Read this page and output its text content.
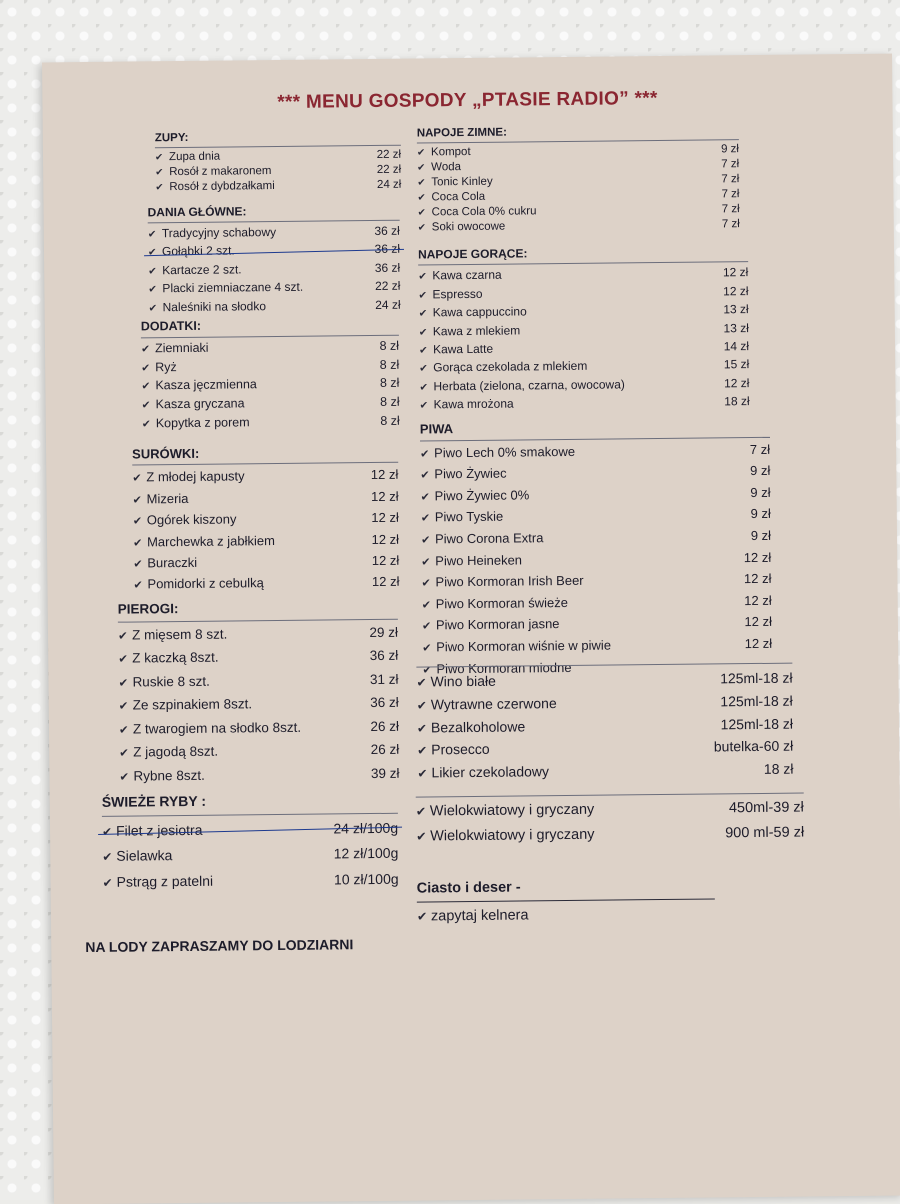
*** MENU GOSPODY „PTASIE RADIO” ***
ZUPY:
✔ Zupa dnia	22 zł
✔ Rosół z makaronem	22 zł
✔ Rosół z dybdzałkami	24 zł
DANIA GŁÓWNE:
✔ Tradycyjny schabowy	36 zł
✔ Gołąbki 2 szt.	36 zł
✔ Kartacze 2 szt.	36 zł
✔ Placki ziemniaczane 4 szt.	22 zł
✔ Naleśniki na słodko	24 zł
DODATKI:
✔ Ziemniaki	8 zł
✔ Ryż	8 zł
✔ Kasza jęczmienna	8 zł
✔ Kasza gryczana	8 zł
✔ Kopytka z porem	8 zł
SURÓWKI:
✔ Z młodej kapusty	12 zł
✔ Mizeria	12 zł
✔ Ogórek kiszony	12 zł
✔ Marchewka z jabłkiem	12 zł
✔ Buraczki	12 zł
✔ Pomidorki z cebulką	12 zł
PIEROGI:
✔ Z mięsem 8 szt.	29 zł
✔ Z kaczką 8szt.	36 zł
✔ Ruskie 8 szt.	31 zł
✔ Ze szpinakiem 8szt.	36 zł
✔ Z twarogiem na słodko 8szt.	26 zł
✔ Z jagodą 8szt.	26 zł
✔ Rybne 8szt.	39 zł
ŚWIEŻE RYBY :
✔ Filet z jesiotra	24 zł/100g
✔ Sielawka	12 zł/100g
✔ Pstrąg z patelni	10 zł/100g
NA LODY ZAPRASZAMY DO LODZIARNI
NAPOJE ZIMNE:
✔ Kompot	9 zł
✔ Woda	7 zł
✔ Tonic Kinley	7 zł
✔ Coca Cola	7 zł
✔ Coca Cola 0% cukru	7 zł
✔ Soki owocowe	7 zł
NAPOJE GORĄCE:
✔ Kawa czarna	12 zł
✔ Espresso	12 zł
✔ Kawa cappuccino	13 zł
✔ Kawa z mlekiem	13 zł
✔ Kawa Latte	14 zł
✔ Gorąca czekolada z mlekiem	15 zł
✔ Herbata (zielona, czarna, owocowa)	12 zł
✔ Kawa mrożona	18 zł
PIWA
✔ Piwo Lech 0% smakowe	7 zł
✔ Piwo Żywiec	9 zł
✔ Piwo Żywiec 0%	9 zł
✔ Piwo Tyskie	9 zł
✔ Piwo Corona Extra	9 zł
✔ Piwo Heineken	12 zł
✔ Piwo Kormoran Irish Beer	12 zł
✔ Piwo Kormoran świeże	12 zł
✔ Piwo Kormoran jasne	12 zł
✔ Piwo Kormoran wiśnie w piwie	12 zł
✔ Piwo Kormoran miodne
✔ Wino białe	125ml-18 zł
✔ Wytrawne czerwone	125ml-18 zł
✔ Bezalkoholowe	125ml-18 zł
✔ Prosecco	butelka-60 zł
✔ Likier czekoladowy	18 zł
✔ Wielokwiatowy i gryczany	450ml-39 zł
✔ Wielokwiatowy i gryczany	900 ml-59 zł
Ciasto i deser -
✔ zapytaj kelnera
